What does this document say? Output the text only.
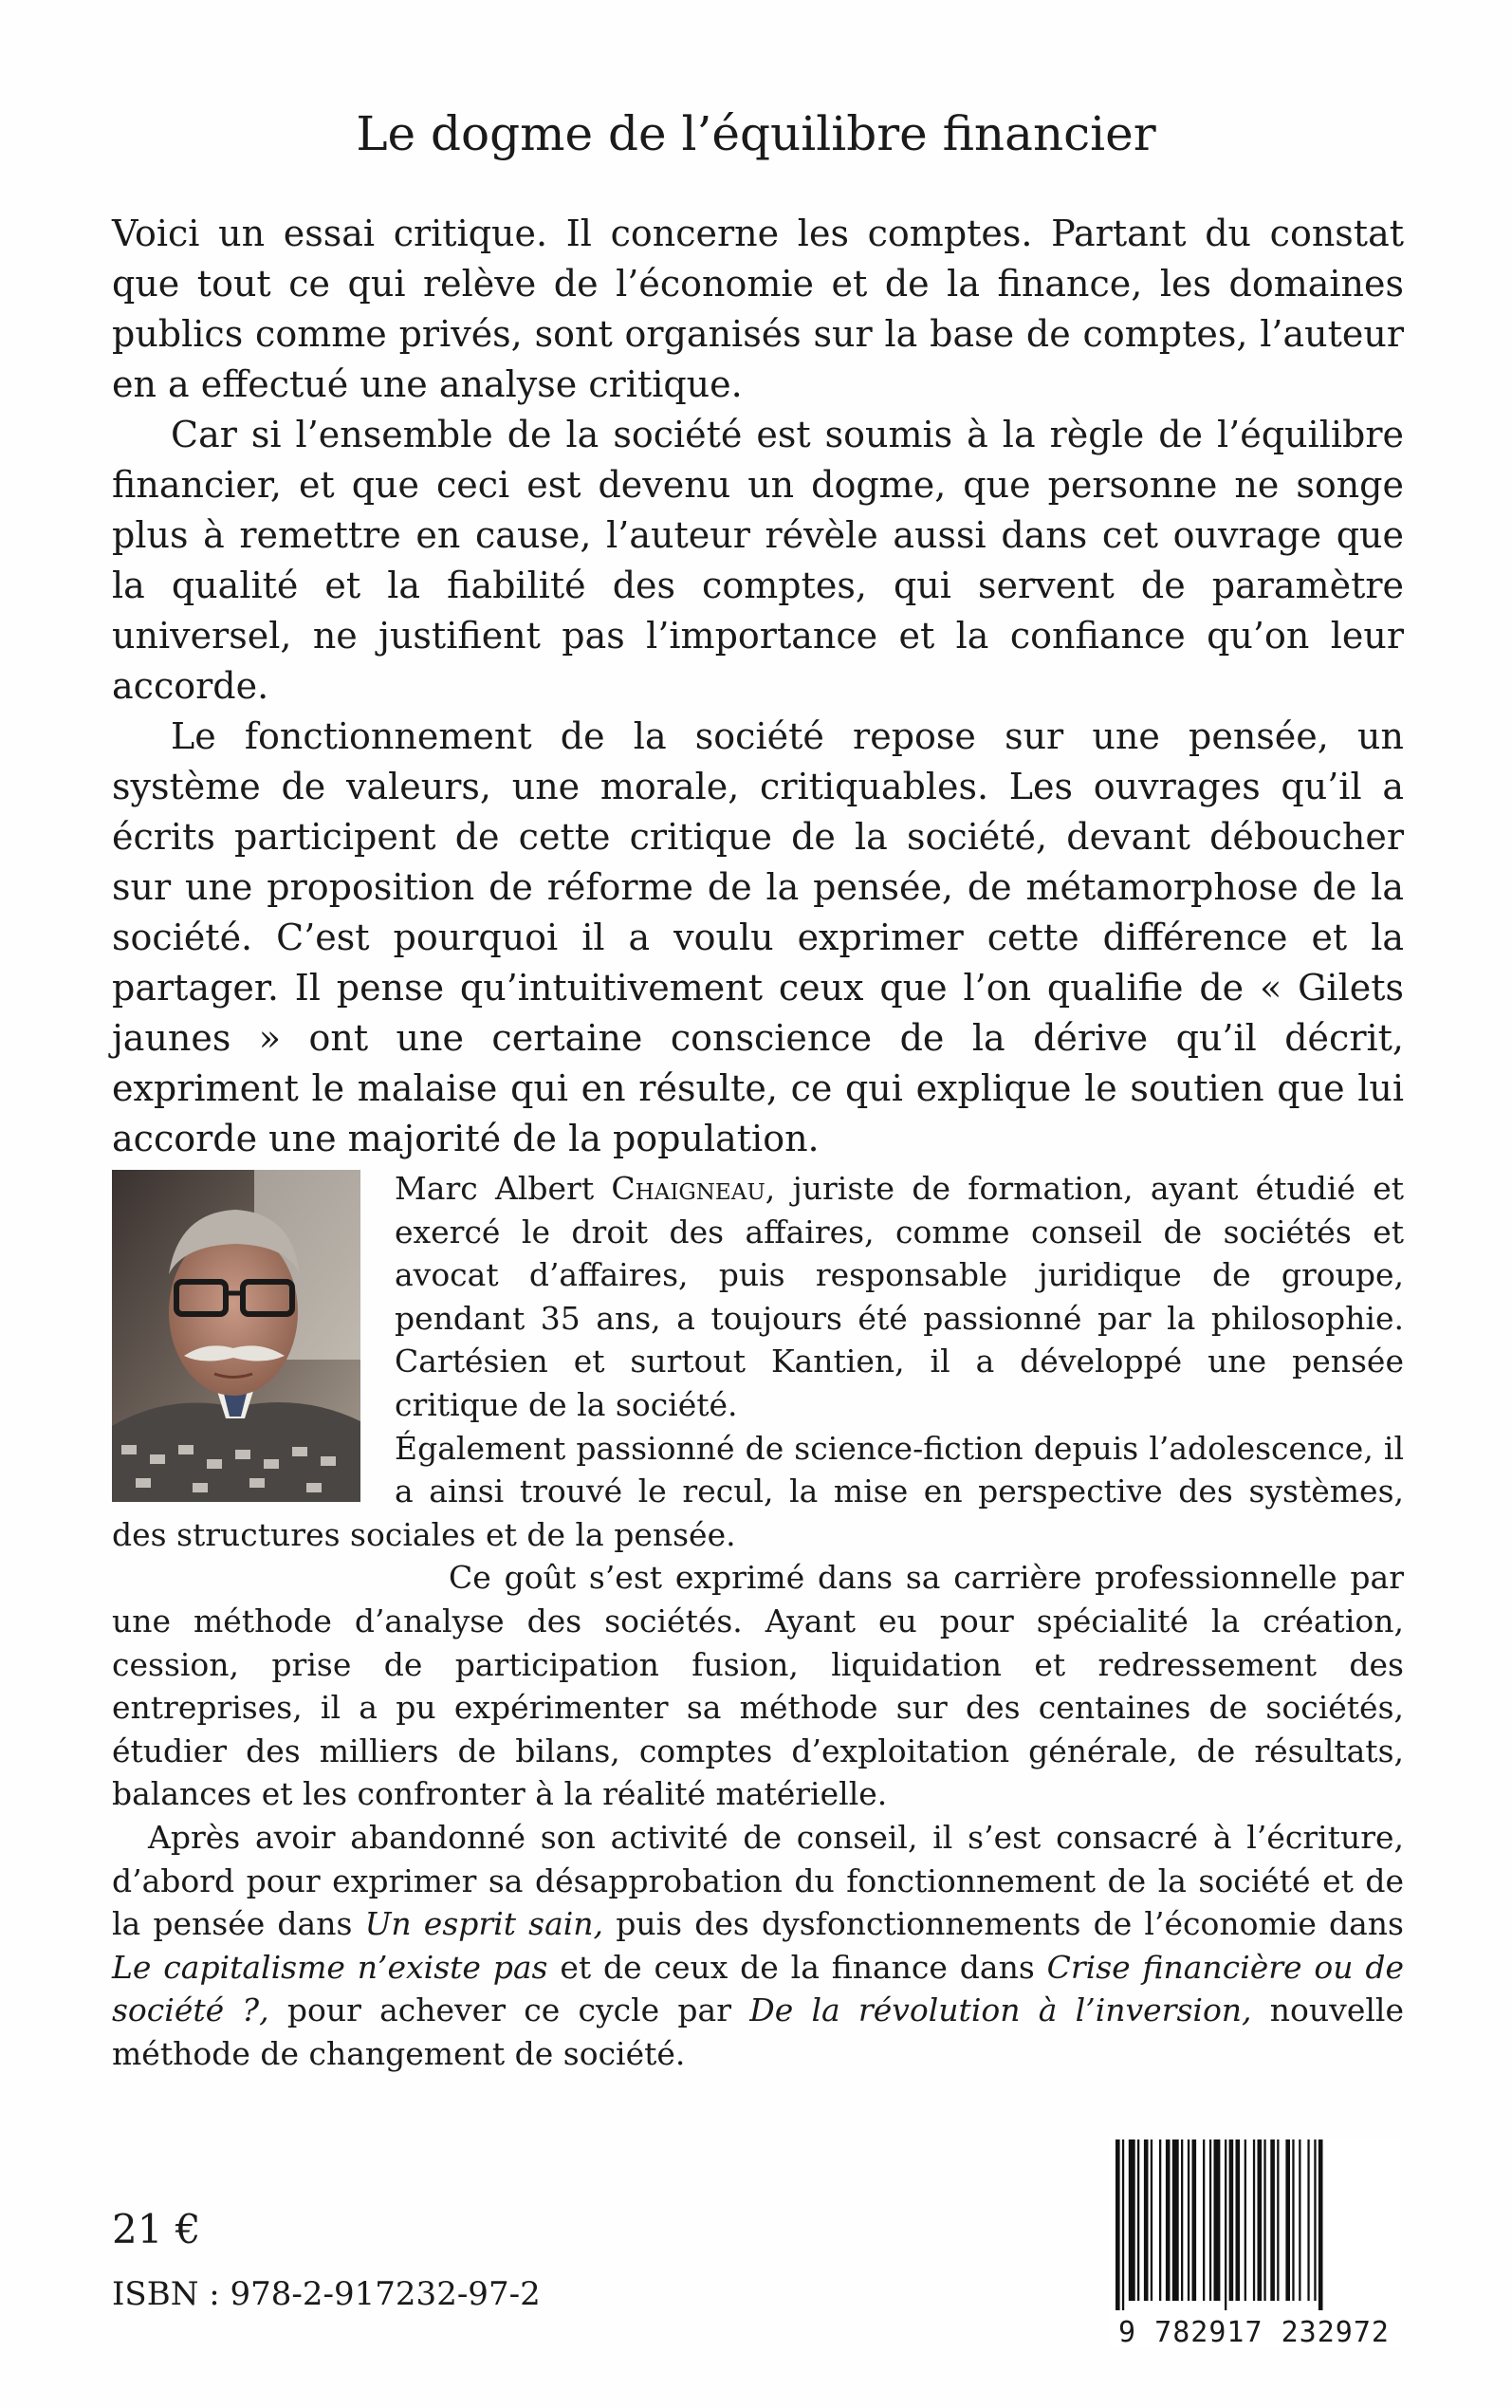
Le dogme de l’équilibre financier

Voici un essai critique. Il concerne les comptes. Partant du constat que tout ce qui relève de l’économie et de la finance, les domaines publics comme privés, sont organisés sur la base de comptes, l’auteur en a effectué une analyse critique.

Car si l’ensemble de la société est soumis à la règle de l’équilibre financier, et que ceci est devenu un dogme, que personne ne songe plus à remettre en cause, l’auteur révèle aussi dans cet ouvrage que la qualité et la fiabilité des comptes, qui servent de paramètre universel, ne justifient pas l’importance et la confiance qu’on leur accorde.

Le fonctionnement de la société repose sur une pensée, un système de valeurs, une morale, critiquables. Les ouvrages qu’il a écrits participent de cette critique de la société, devant déboucher sur une proposition de réforme de la pensée, de métamorphose de la société. C’est pourquoi il a voulu exprimer cette différence et la partager. Il pense qu’intuitivement ceux que l’on qualifie de « Gilets jaunes » ont une certaine conscience de la dérive qu’il décrit, expriment le malaise qui en résulte, ce qui explique le soutien que lui accorde une majorité de la population.

Marc Albert Chaigneau, juriste de formation, ayant étudié et exercé le droit des affaires, comme conseil de sociétés et avocat d’affaires, puis responsable juridique de groupe, pendant 35 ans, a toujours été passionné par la philosophie. Cartésien et surtout Kantien, il a développé une pensée critique de la société.

Également passionné de science-fiction depuis l’adolescence, il a ainsi trouvé le recul, la mise en perspective des systèmes, des structures sociales et de la pensée.

Ce goût s’est exprimé dans sa carrière professionnelle par une méthode d’analyse des sociétés. Ayant eu pour spécialité la création, cession, prise de participation fusion, liquidation et redressement des entreprises, il a pu expérimenter sa méthode sur des centaines de sociétés, étudier des milliers de bilans, comptes d’exploitation générale, de résultats, balances et les confronter à la réalité matérielle.

Après avoir abandonné son activité de conseil, il s’est consacré à l’écriture, d’abord pour exprimer sa désapprobation du fonctionnement de la société et de la pensée dans Un esprit sain, puis des dysfonctionnements de l’économie dans Le capitalisme n’existe pas et de ceux de la finance dans Crise financière ou de société ?, pour achever ce cycle par De la révolution à l’inversion, nouvelle méthode de changement de société.

21 €

ISBN : 978-2-917232-97-2

9 782917 232972
